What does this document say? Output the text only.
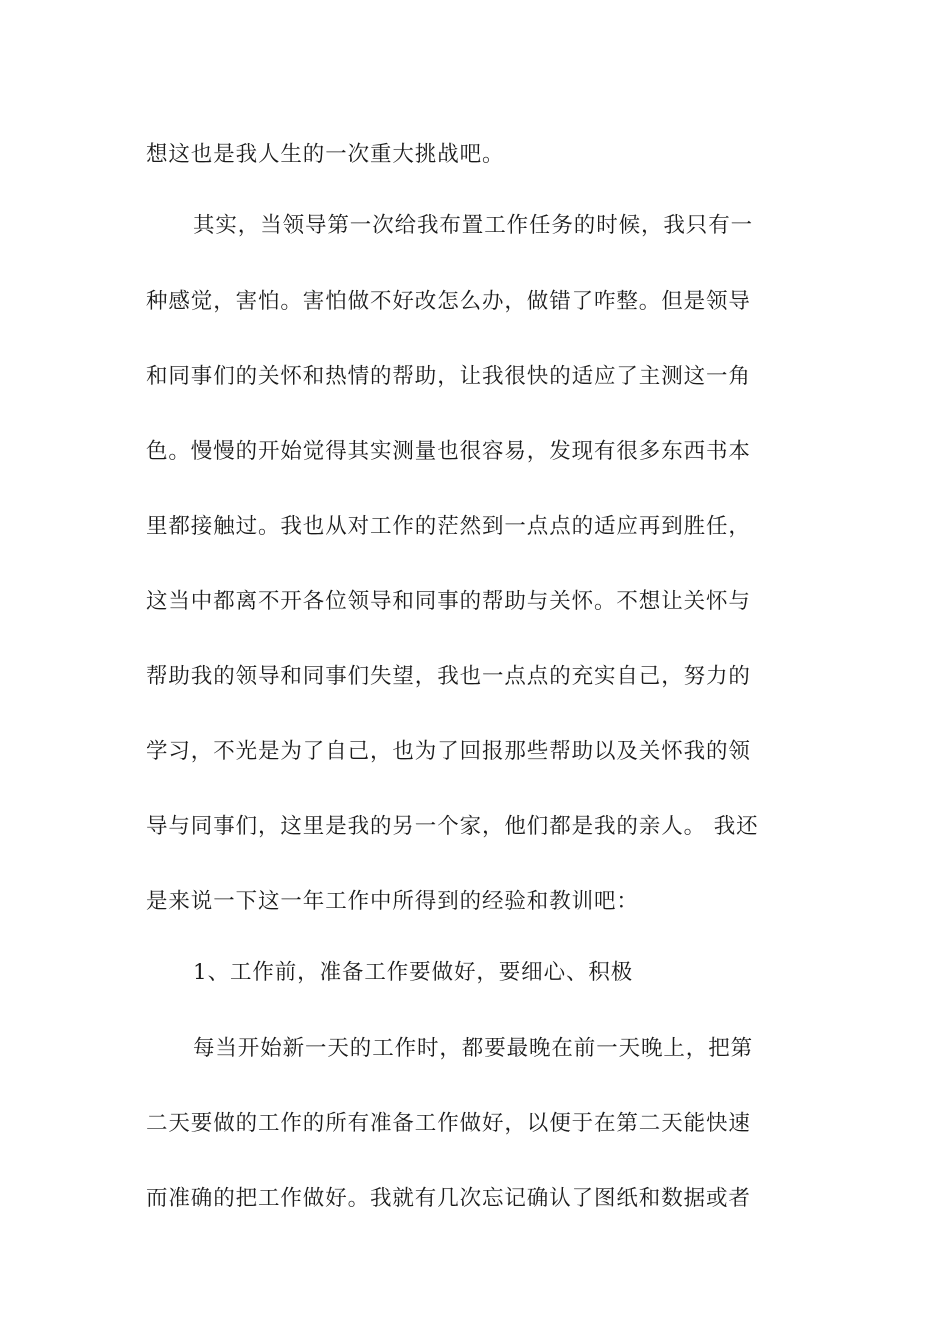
想这也是我人生的一次重大挑战吧。
其实，当领导第一次给我布置工作任务的时候，我只有一
种感觉，害怕。害怕做不好改怎么办，做错了咋整。但是领导
和同事们的关怀和热情的帮助，让我很快的适应了主测这一角
色。慢慢的开始觉得其实测量也很容易，发现有很多东西书本
里都接触过。我也从对工作的茫然到一点点的适应再到胜任，
这当中都离不开各位领导和同事的帮助与关怀。不想让关怀与
帮助我的领导和同事们失望，我也一点点的充实自己，努力的
学习，不光是为了自己，也为了回报那些帮助以及关怀我的领
导与同事们，这里是我的另一个家，他们都是我的亲人。 我还
是来说一下这一年工作中所得到的经验和教训吧：
1、工作前，准备工作要做好，要细心、积极
每当开始新一天的工作时，都要最晚在前一天晚上，把第
二天要做的工作的所有准备工作做好，以便于在第二天能快速
而准确的把工作做好。我就有几次忘记确认了图纸和数据或者
